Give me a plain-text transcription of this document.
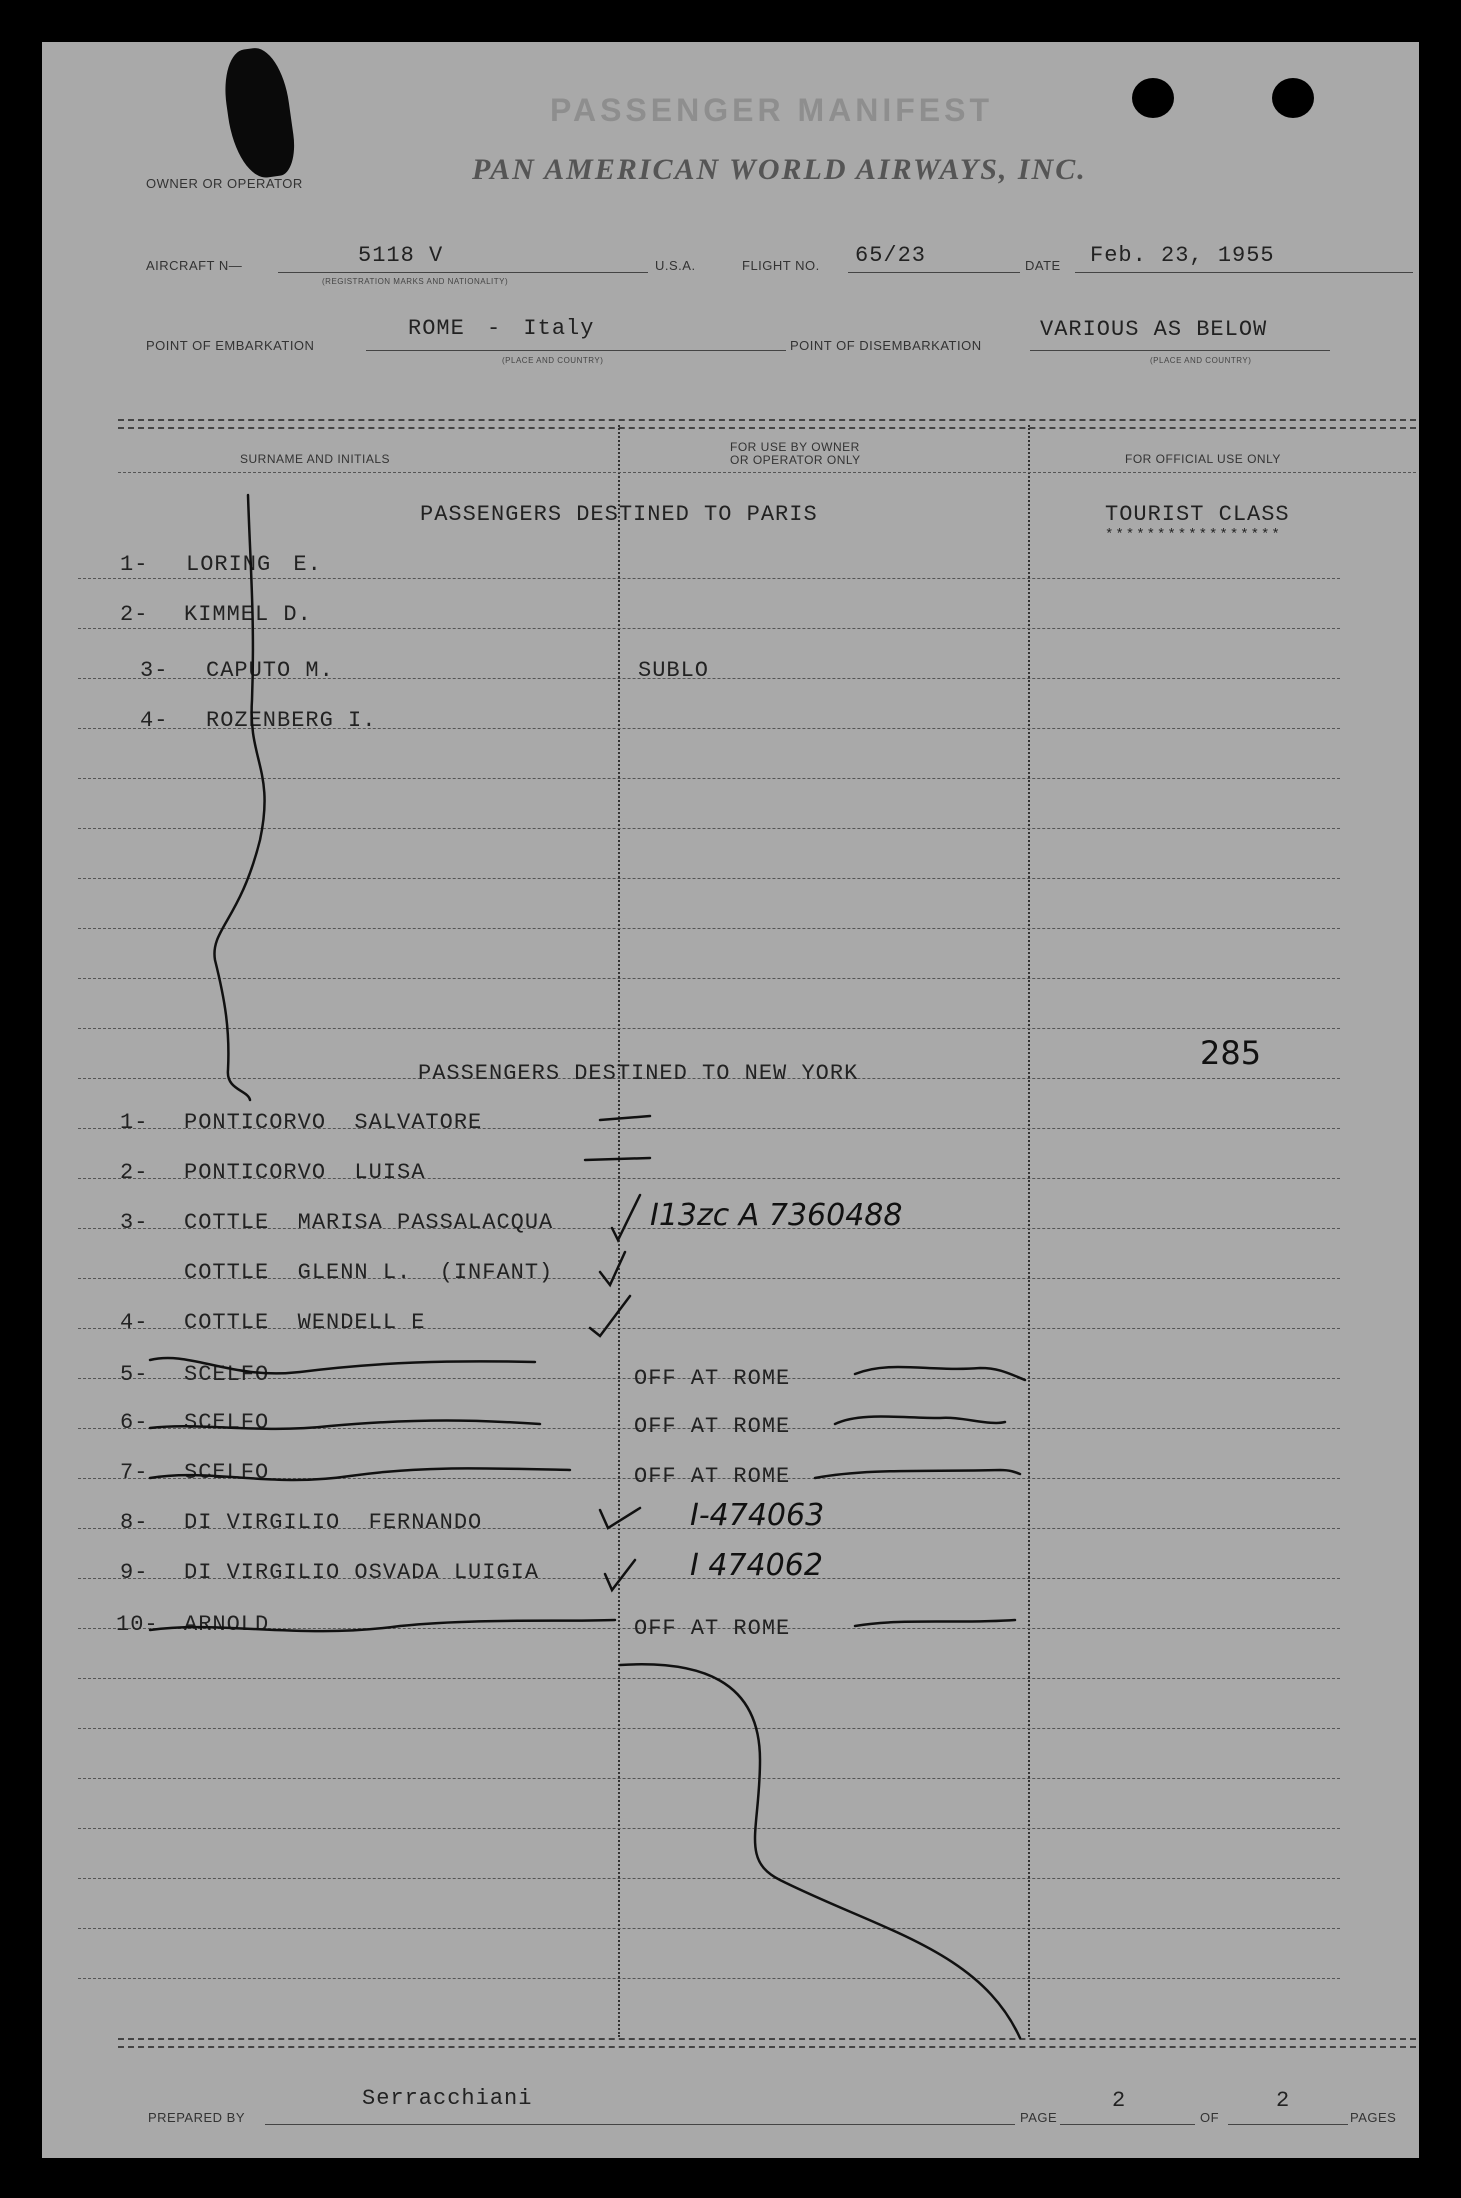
PASSENGER MANIFEST
PAN AMERICAN WORLD AIRWAYS, INC.
OWNER OR OPERATOR
AIRCRAFT N—	5118 V
(REGISTRATION MARKS AND NATIONALITY)
U.S.A.	FLIGHT NO. 65/23	DATE Feb. 23, 1955
POINT OF EMBARKATION
ROME - Italy
(PLACE AND COUNTRY)
POINT OF DISEMBARKATION
VARIOUS AS BELOW
(PLACE AND COUNTRY)
SURNAME AND INITIALS
FOR USE BY OWNER
OR OPERATOR ONLY	FOR OFFICIAL USE ONLY
PASSENGERS DESTINED TO PARIS	TOURIST CLASS
*****************
1- LORING E.
2- KIMMEL D.
3- CAPUTO M.	SUBLO
4- ROZENBERG I.
PASSENGERS DESTINED TO NEW YORK
285
1- PONTICORVO  SALVATORE
2- PONTICORVO  LUISA
3- COTTLE  MARISA PASSALACQUA	I13zc A 7360488
COTTLE  GLENN L.  (INFANT)
4- COTTLE  WENDELL E
5- SCELFO	OFF AT ROME
6- SCELFO	OFF AT ROME
7- SCELFO	OFF AT ROME
8- DI VIRGILIO  FERNANDO	I-474063
9- DI VIRGILIO OSVADA LUIGIA	I 474062
10- ARNOLD	OFF AT ROME
PREPARED BY
Serracchiani
PAGE
2
OF
2
PAGES
